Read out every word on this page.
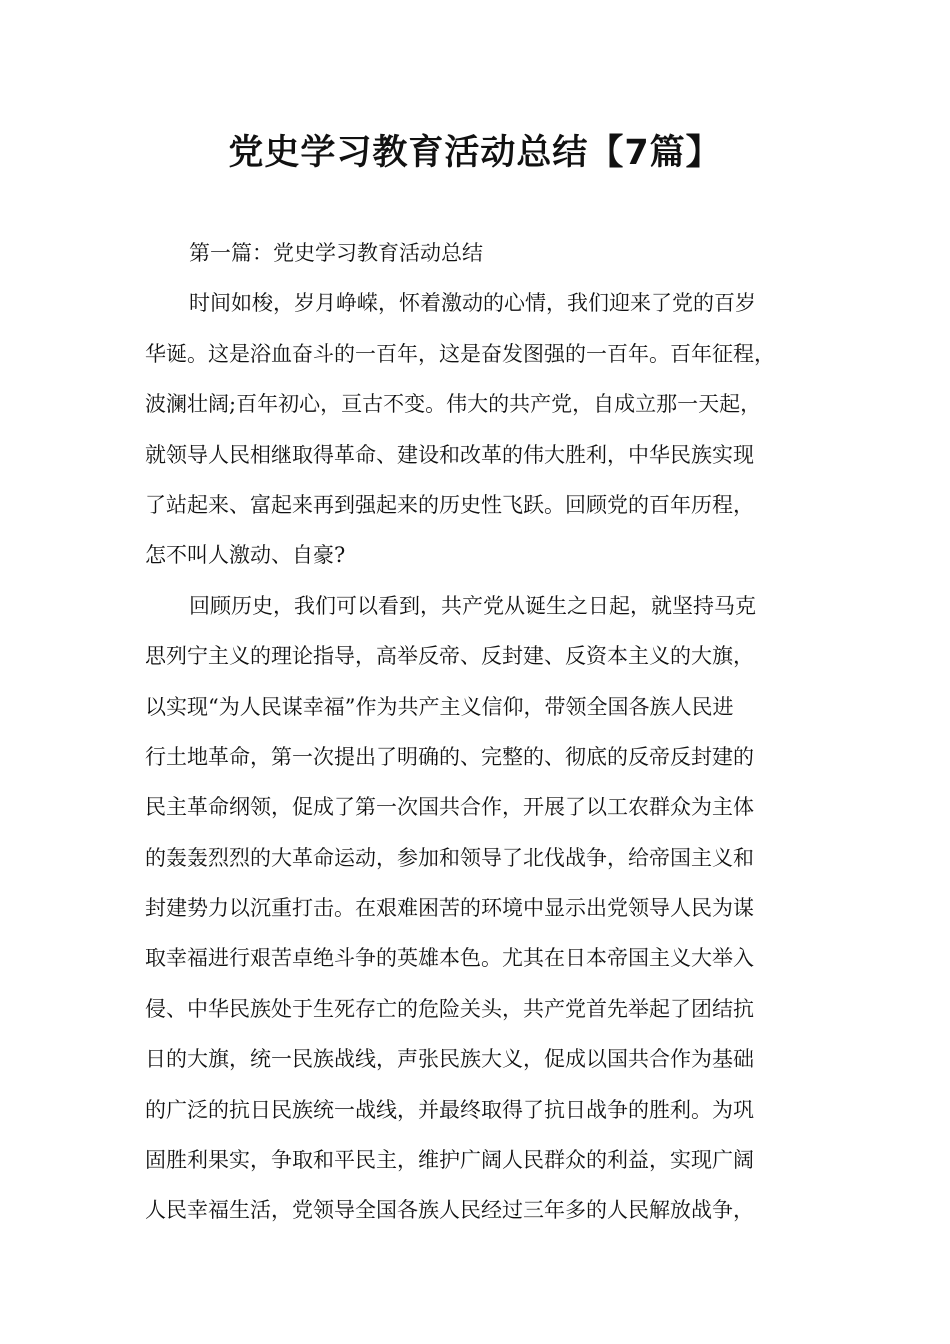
党史学习教育活动总结【7篇】
第一篇：党史学习教育活动总结
时间如梭，岁月峥嵘，怀着激动的心情，我们迎来了党的百岁
华诞。这是浴血奋斗的一百年，这是奋发图强的一百年。百年征程，
波澜壮阔;百年初心，亘古不变。伟大的共产党，自成立那一天起，
就领导人民相继取得革命、建设和改革的伟大胜利，中华民族实现
了站起来、富起来再到强起来的历史性飞跃。回顾党的百年历程，
怎不叫人激动、自豪?
回顾历史，我们可以看到，共产党从诞生之日起，就坚持马克
思列宁主义的理论指导，高举反帝、反封建、反资本主义的大旗，
以实现“为人民谋幸福”作为共产主义信仰，带领全国各族人民进
行土地革命，第一次提出了明确的、完整的、彻底的反帝反封建的
民主革命纲领，促成了第一次国共合作，开展了以工农群众为主体
的轰轰烈烈的大革命运动，参加和领导了北伐战争，给帝国主义和
封建势力以沉重打击。在艰难困苦的环境中显示出党领导人民为谋
取幸福进行艰苦卓绝斗争的英雄本色。尤其在日本帝国主义大举入
侵、中华民族处于生死存亡的危险关头，共产党首先举起了团结抗
日的大旗，统一民族战线，声张民族大义，促成以国共合作为基础
的广泛的抗日民族统一战线，并最终取得了抗日战争的胜利。为巩
固胜利果实，争取和平民主，维护广阔人民群众的利益，实现广阔
人民幸福生活，党领导全国各族人民经过三年多的人民解放战争，
